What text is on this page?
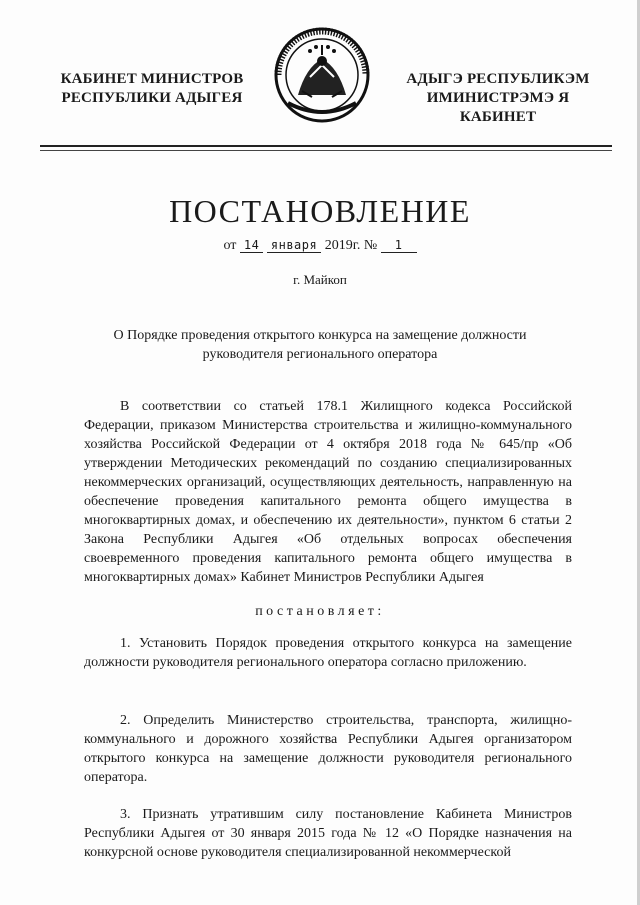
КАБИНЕТ МИНИСТРОВ
РЕСПУБЛИКИ АДЫГЕЯ
АДЫГЭ РЕСПУБЛИКЭМ
ИМИНИСТРЭМЭ Я КАБИНЕТ
ПОСТАНОВЛЕНИЕ
от 14 января 2019г. № 1
г. Майкоп
О Порядке проведения открытого конкурса на замещение должности
руководителя регионального оператора
В соответствии со статьей 178.1 Жилищного кодекса Российской Федерации, приказом Министерства строительства и жилищно-коммунального хозяйства Российской Федерации от 4 октября 2018 года № 645/пр «Об утверждении Методических рекомендаций по созданию специализированных некоммерческих организаций, осуществляющих деятельность, направленную на обеспечение проведения капитального ремонта общего имущества в многоквартирных домах, и обеспечению их деятельности», пунктом 6 статьи 2 Закона Республики Адыгея «Об отдельных вопросах обеспечения своевременного проведения капитального ремонта общего имущества в многоквартирных домах» Кабинет Министров Республики Адыгея
постановляет:
1. Установить Порядок проведения открытого конкурса на замещение должности руководителя регионального оператора согласно приложению.
2. Определить Министерство строительства, транспорта, жилищно-коммунального и дорожного хозяйства Республики Адыгея организатором открытого конкурса на замещение должности руководителя регионального оператора.
3. Признать утратившим силу постановление Кабинета Министров Республики Адыгея от 30 января 2015 года № 12 «О Порядке назначения на конкурсной основе руководителя специализированной некоммерческой
